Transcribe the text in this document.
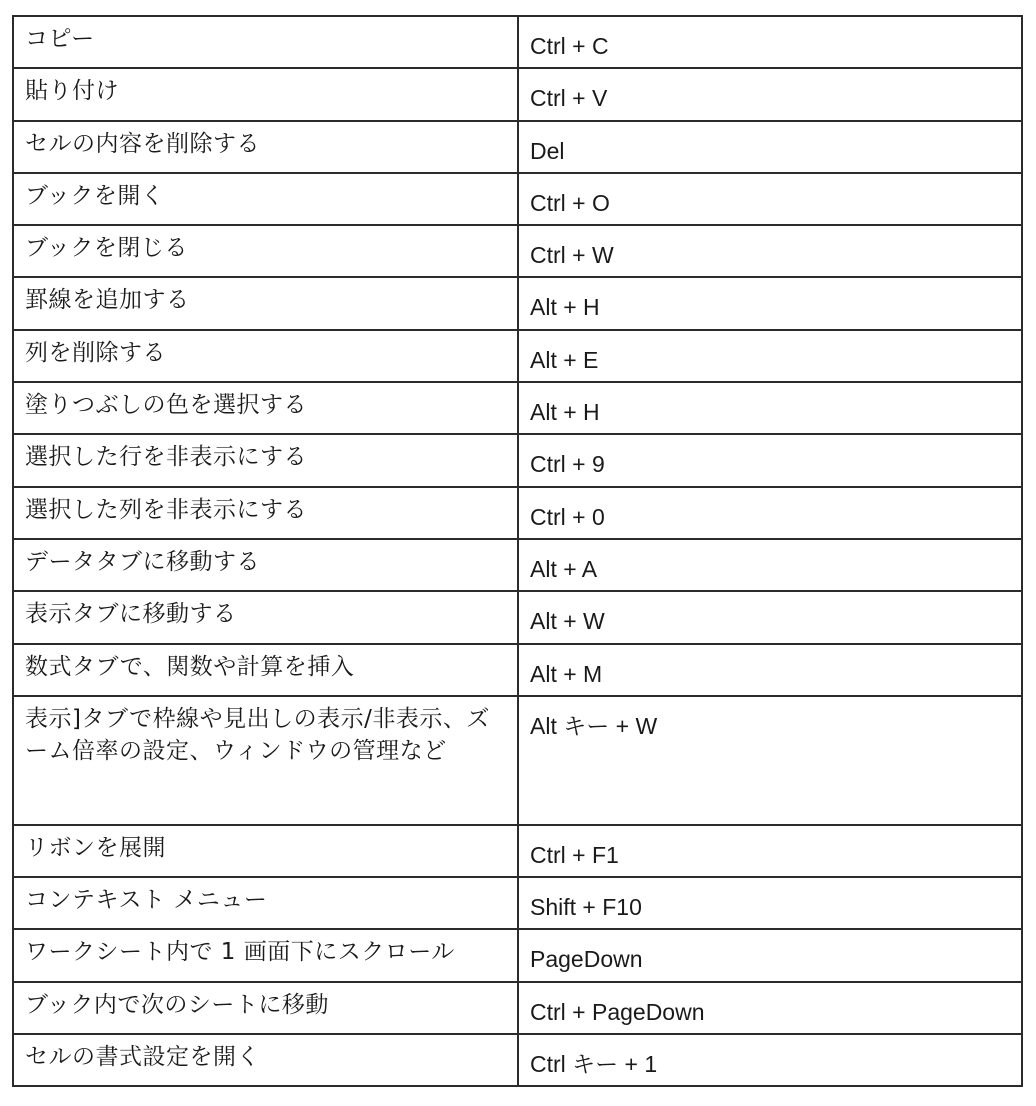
コピー	Ctrl + C
貼り付け	Ctrl + V
セルの内容を削除する	Del
ブックを開く	Ctrl + O
ブックを閉じる	Ctrl + W
罫線を追加する	Alt + H
列を削除する	Alt + E
塗りつぶしの色を選択する	Alt + H
選択した行を非表示にする	Ctrl + 9
選択した列を非表示にする	Ctrl + 0
データタブに移動する	Alt + A
表示タブに移動する	Alt + W
数式タブで、関数や計算を挿入	Alt + M
表示]タブで枠線や見出しの表示/非表示、ズーム倍率の設定、ウィンドウの管理など	Alt キー + W
リボンを展開	Ctrl + F1
コンテキスト メニュー	Shift + F10
ワークシート内で 1 画面下にスクロール	PageDown
ブック内で次のシートに移動	Ctrl + PageDown
セルの書式設定を開く	Ctrl キー + 1
